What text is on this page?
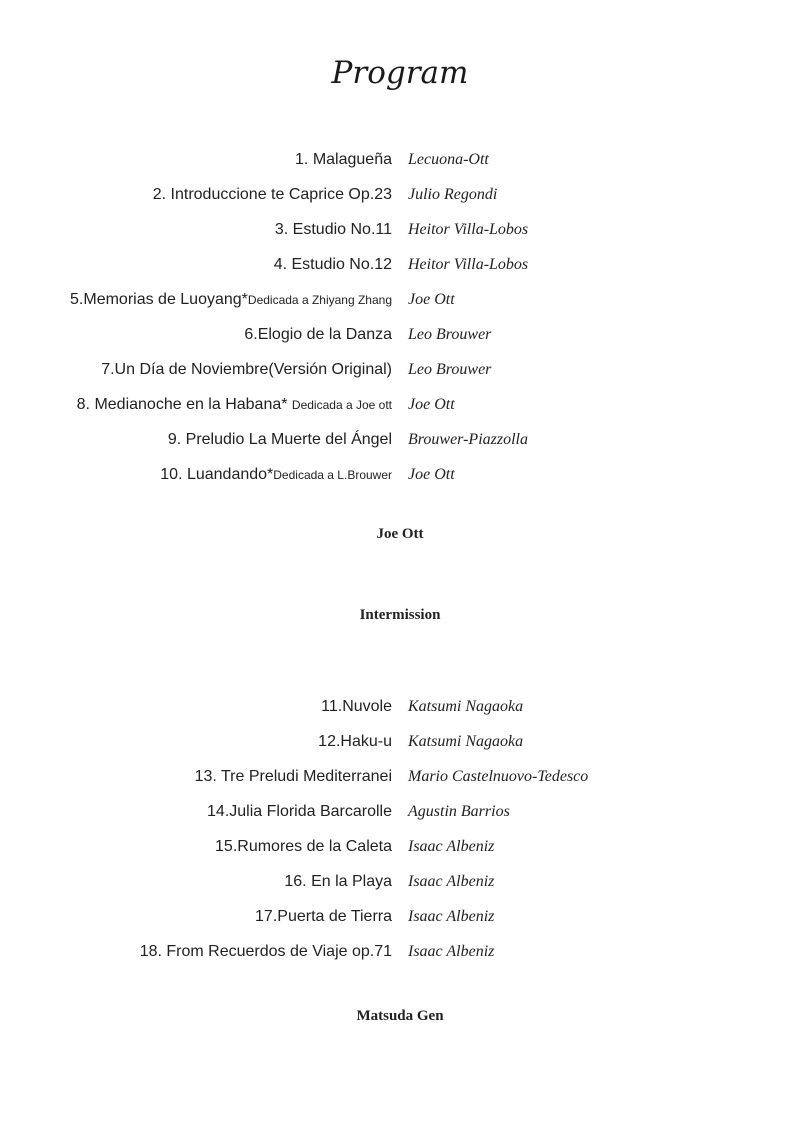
Program
1. Malagueña Lecuona-Ott
2. Introduccione te Caprice Op.23 Julio Regondi
3. Estudio No.11 Heitor Villa-Lobos
4. Estudio No.12 Heitor Villa-Lobos
5.Memorias de Luoyang*Dedicada a Zhiyang Zhang Joe Ott
6.Elogio de la Danza Leo Brouwer
7.Un Día de Noviembre(Versión Original) Leo Brouwer
8. Medianoche en la Habana* Dedicada a Joe ott Joe Ott
9. Preludio La Muerte del Ángel Brouwer-Piazzolla
10. Luandando*Dedicada a L.Brouwer Joe Ott
Joe Ott
Intermission
11.Nuvole Katsumi Nagaoka
12.Haku-u Katsumi Nagaoka
13. Tre Preludi Mediterranei Mario Castelnuovo-Tedesco
14.Julia Florida Barcarolle Agustin Barrios
15.Rumores de la Caleta Isaac Albeniz
16. En la Playa Isaac Albeniz
17.Puerta de Tierra Isaac Albeniz
18. From Recuerdos de Viaje op.71 Isaac Albeniz
Matsuda Gen
